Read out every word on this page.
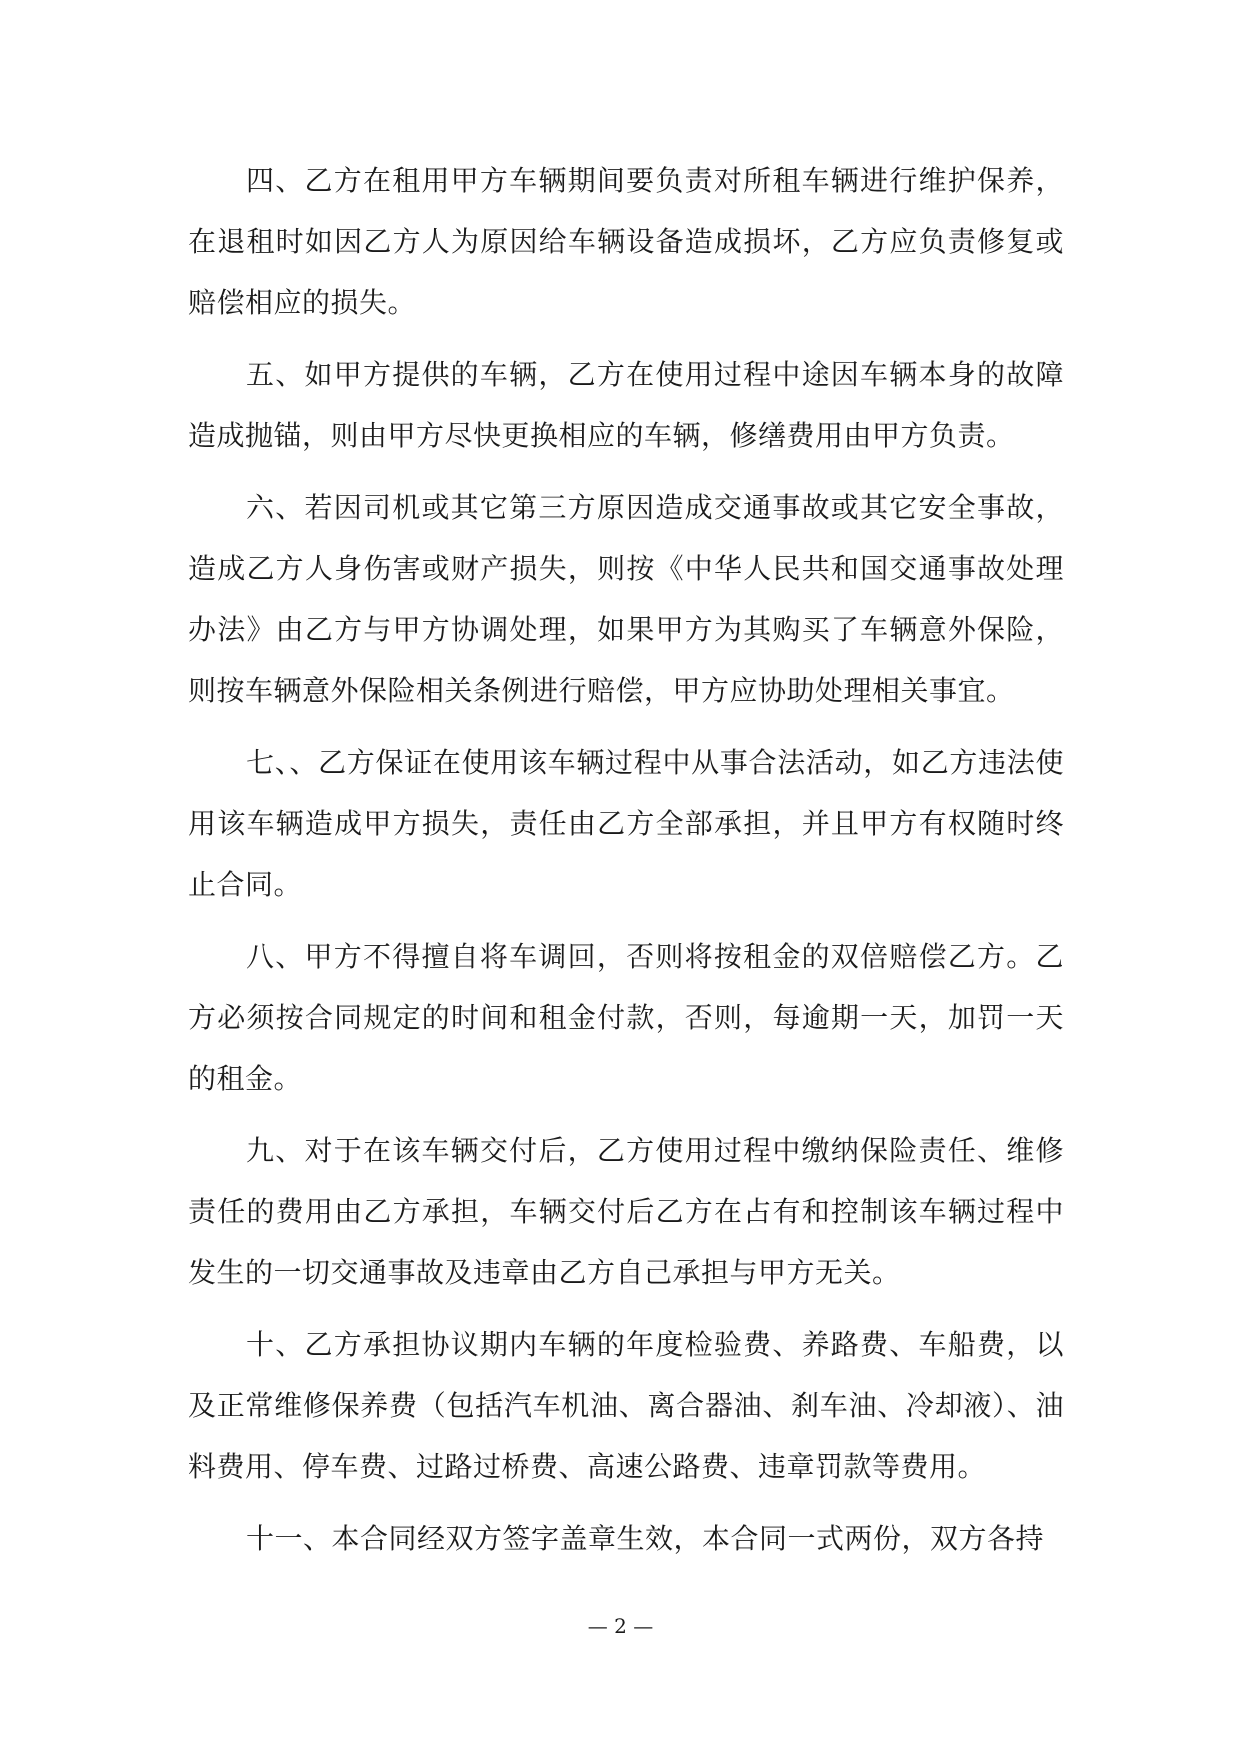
四、乙方在租用甲方车辆期间要负责对所租车辆进行维护保养，在退租时如因乙方人为原因给车辆设备造成损坏，乙方应负责修复或赔偿相应的损失。

五、如甲方提供的车辆，乙方在使用过程中途因车辆本身的故障造成抛锚，则由甲方尽快更换相应的车辆，修缮费用由甲方负责。

六、若因司机或其它第三方原因造成交通事故或其它安全事故，造成乙方人身伤害或财产损失，则按《中华人民共和国交通事故处理办法》由乙方与甲方协调处理，如果甲方为其购买了车辆意外保险，则按车辆意外保险相关条例进行赔偿，甲方应协助处理相关事宜。

七、、乙方保证在使用该车辆过程中从事合法活动，如乙方违法使用该车辆造成甲方损失，责任由乙方全部承担，并且甲方有权随时终止合同。

八、甲方不得擅自将车调回，否则将按租金的双倍赔偿乙方。乙方必须按合同规定的时间和租金付款，否则，每逾期一天，加罚一天的租金。

九、对于在该车辆交付后，乙方使用过程中缴纳保险责任、维修责任的费用由乙方承担，车辆交付后乙方在占有和控制该车辆过程中发生的一切交通事故及违章由乙方自己承担与甲方无关。

十、乙方承担协议期内车辆的年度检验费、养路费、车船费，以及正常维修保养费（包括汽车机油、离合器油、刹车油、冷却液）、油料费用、停车费、过路过桥费、高速公路费、违章罚款等费用。

十一、本合同经双方签字盖章生效，本合同一式两份，双方各持

— 2 —
